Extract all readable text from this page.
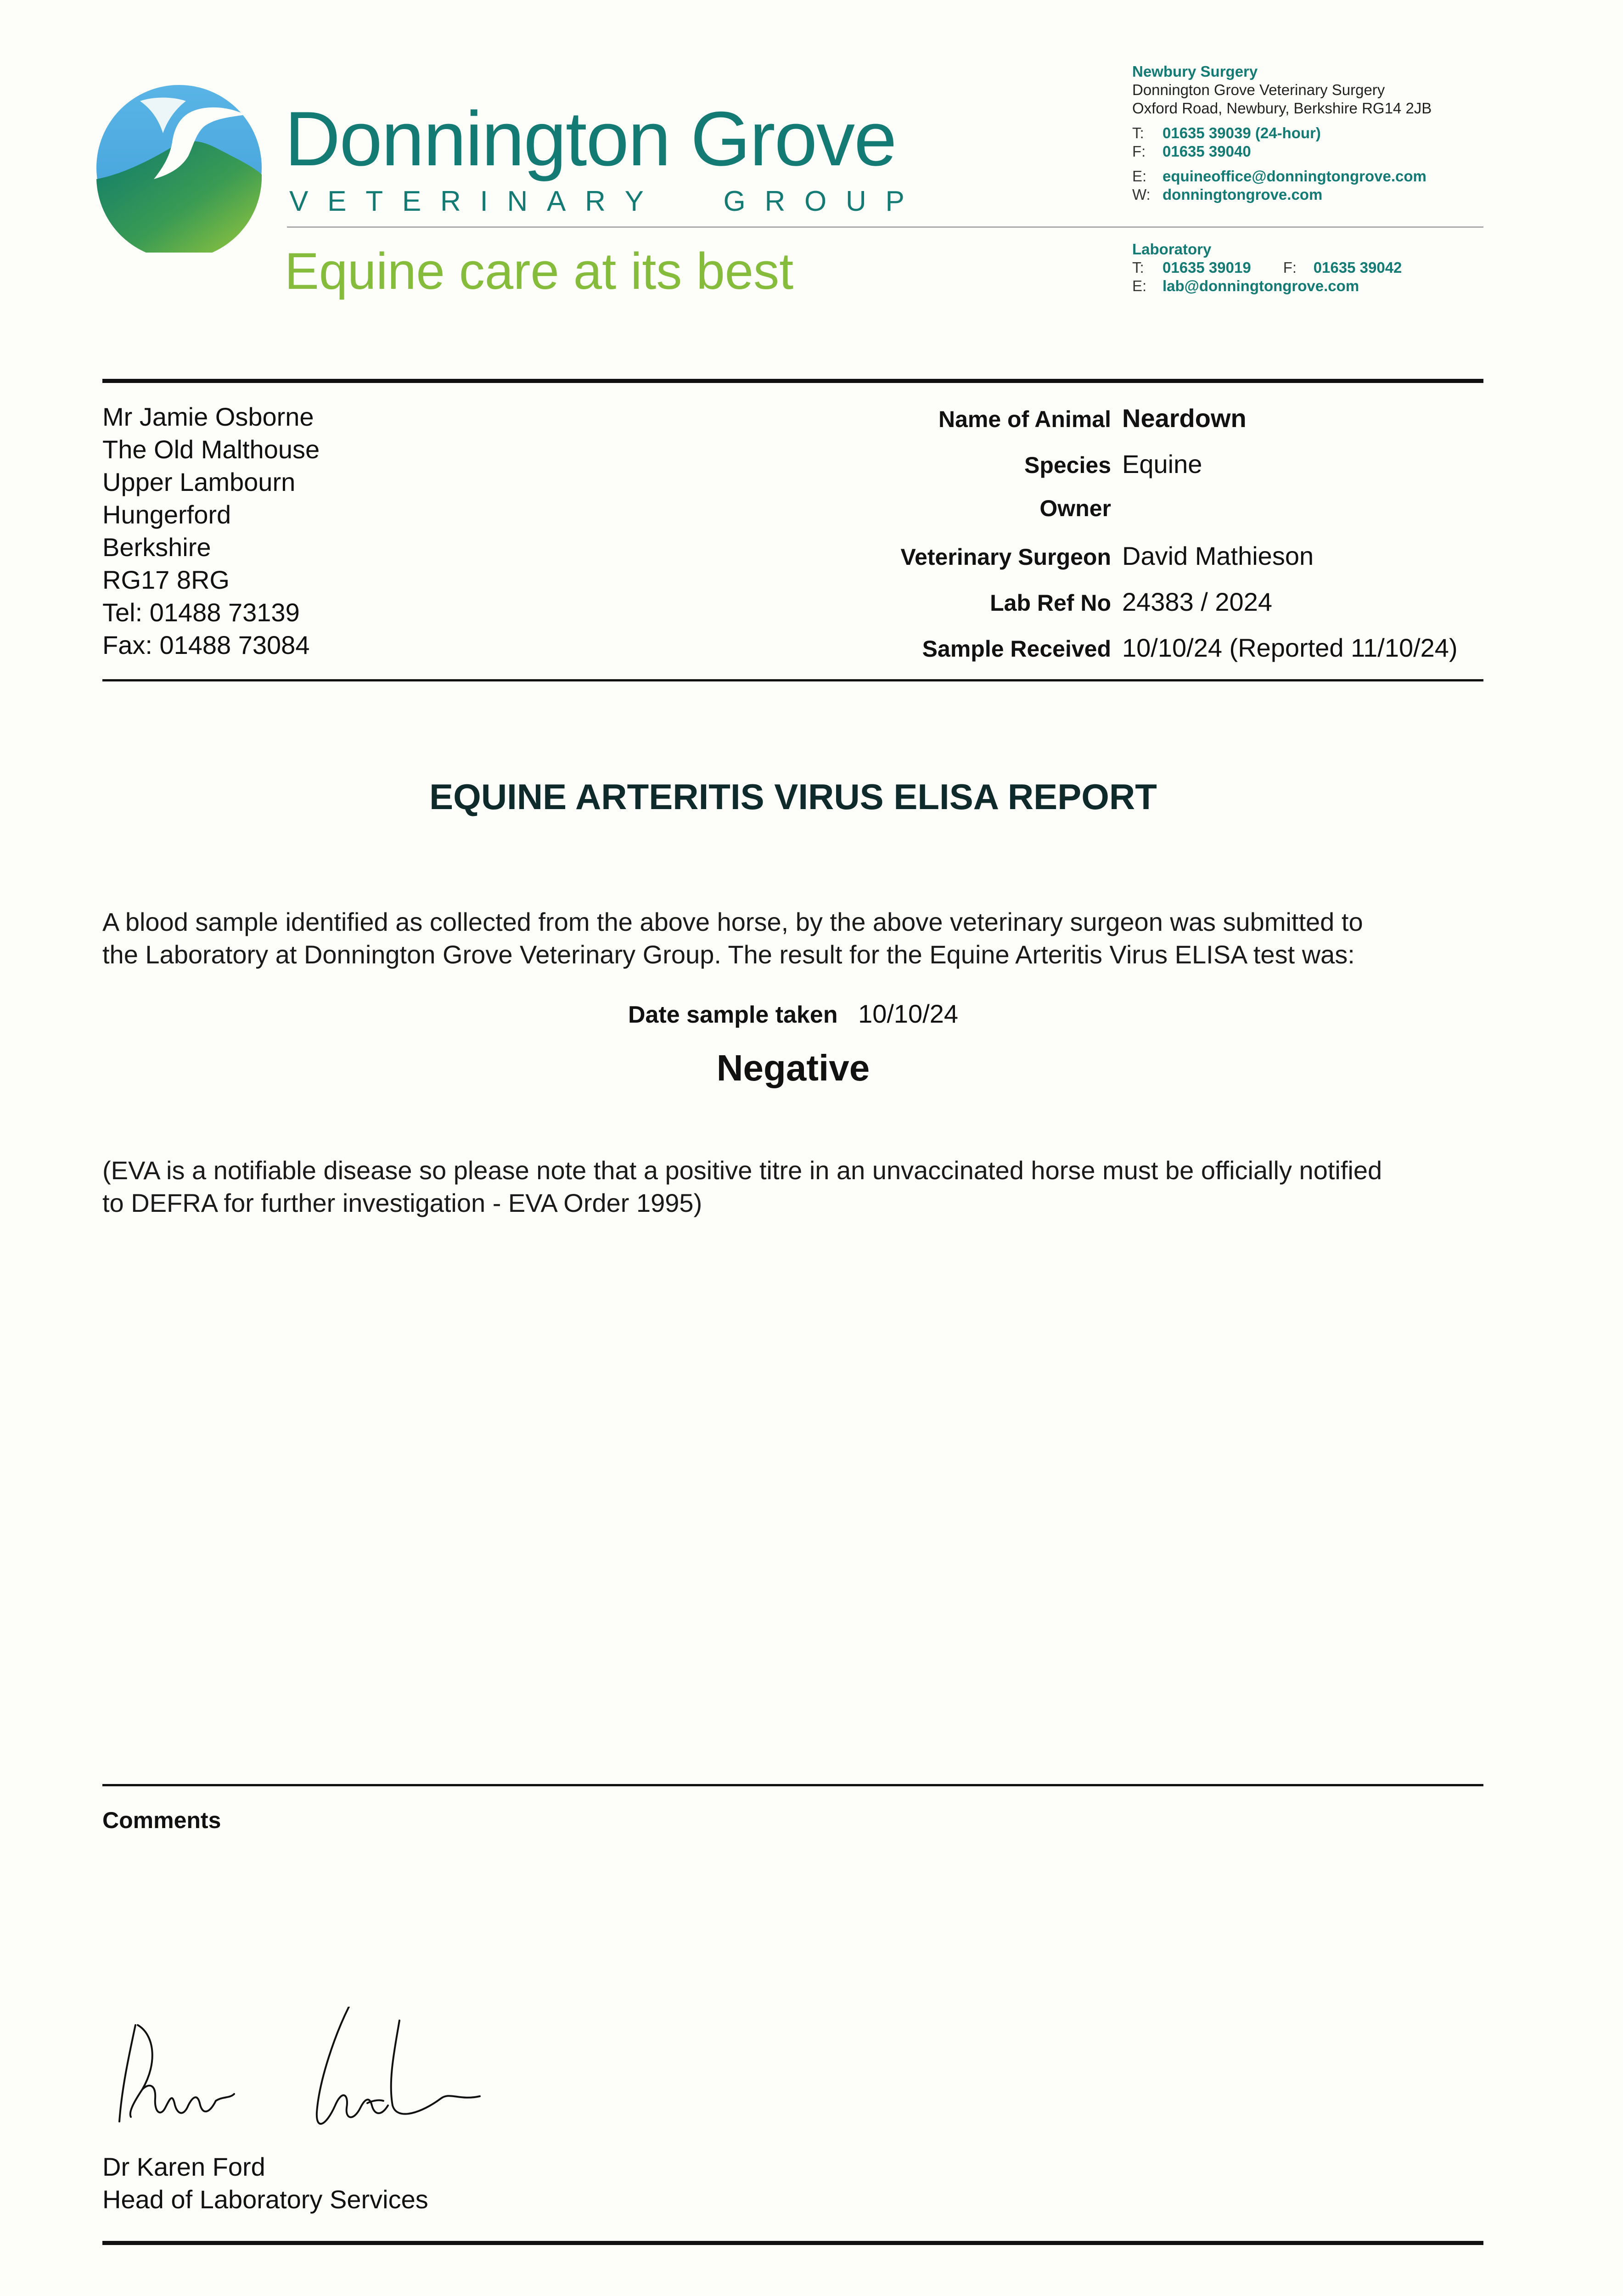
Donnington Grove
V E T E R I N A R Y	G R O U P
Equine care at its best
Newbury Surgery
Donnington Grove Veterinary Surgery
Oxford Road, Newbury, Berkshire RG14 2JB
T: 01635 39039 (24-hour)
F: 01635 39040
E: equineoffice@donningtongrove.com
W: donningtongrove.com
Laboratory
T: 01635 39019 F: 01635 39042
E: lab@donningtongrove.com
Mr Jamie Osborne
The Old Malthouse
Upper Lambourn
Hungerford
Berkshire
RG17 8RG
Tel: 01488 73139
Fax: 01488 73084
Name of Animal Neardown
Species Equine
Owner
Veterinary Surgeon David Mathieson
Lab Ref No 24383 / 2024
Sample Received 10/10/24 (Reported 11/10/24)
EQUINE ARTERITIS VIRUS ELISA REPORT
A blood sample identified as collected from the above horse, by the above veterinary surgeon was submitted to
the Laboratory at Donnington Grove Veterinary Group. The result for the Equine Arteritis Virus ELISA test was:
Date sample taken 10/10/24
Negative
(EVA is a notifiable disease so please note that a positive titre in an unvaccinated horse must be officially notified
to DEFRA for further investigation - EVA Order 1995)
Comments
Dr Karen Ford
Head of Laboratory Services
